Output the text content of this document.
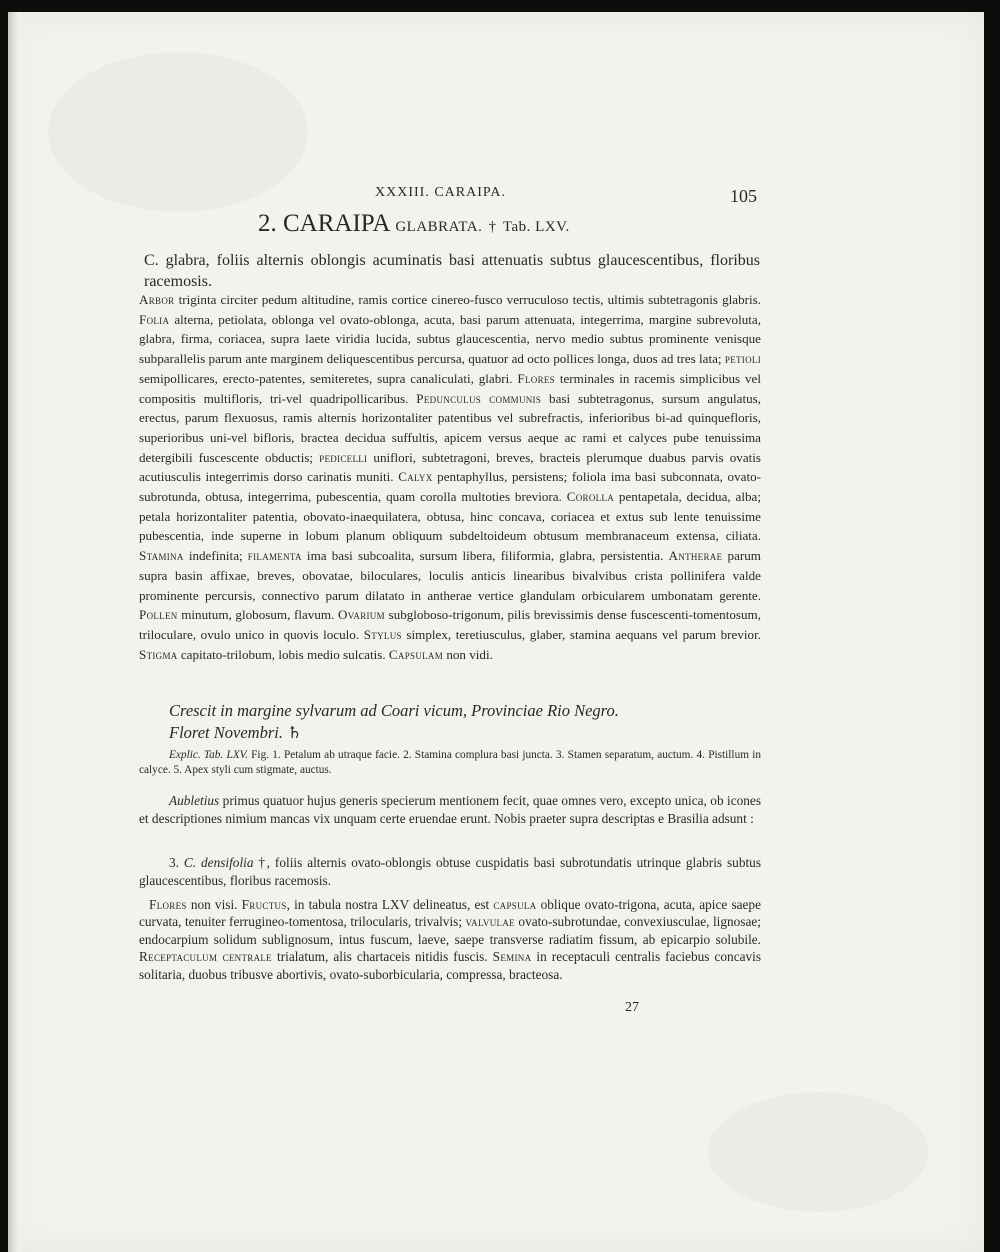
XXXIII. CARAIPA.	105
2. CARAIPA GLABRATA. † Tab. LXV.

C. glabra, foliis alternis oblongis acuminatis basi attenuatis subtus glaucescentibus, floribus racemosis.

Arbor triginta circiter pedum altitudine, ramis cortice cinereo-fusco verruculoso tectis, ultimis subtetragonis glabris. Folia alterna, petiolata, oblonga vel ovato-oblonga, acuta, basi parum attenuata, integerrima, margine subrevoluta, glabra, firma, coriacea, supra laete viridia lucida, subtus glaucescentia, nervo medio subtus prominente venisque subparallelis parum ante marginem deliquescentibus percursa, quatuor ad octo pollices longa, duos ad tres lata; petioli semipollicares, erecto-patentes, semiteretes, supra canaliculati, glabri. Flores terminales in racemis simplicibus vel compositis multifloris, tri-vel quadripollicaribus. Pedunculus communis basi subtetragonus, sursum angulatus, erectus, parum flexuosus, ramis alternis horizontaliter patentibus vel subrefractis, inferioribus bi-ad quinquefloris, superioribus uni-vel bifloris, bractea decidua suffultis, apicem versus aeque ac rami et calyces pube tenuissima detergibili fuscescente obductis; pedicelli uniflori, subtetragoni, breves, bracteis plerumque duabus parvis ovatis acutiusculis integerrimis dorso carinatis muniti. Calyx pentaphyllus, persistens; foliola ima basi subconnata, ovato-subrotunda, obtusa, integerrima, pubescentia, quam corolla multoties breviora. Corolla pentapetala, decidua, alba; petala horizontaliter patentia, obovato-inaequilatera, obtusa, hinc concava, coriacea et extus sub lente tenuissime pubescentia, inde superne in lobum planum obliquum subdeltoideum obtusum membranaceum extensa, ciliata. Stamina indefinita; filamenta ima basi subcoalita, sursum libera, filiformia, glabra, persistentia. Antherae parum supra basin affixae, breves, obovatae, biloculares, loculis anticis linearibus bivalvibus crista pollinifera valde prominente percursis, connectivo parum dilatato in antherae vertice glandulam orbicularem umbonatam gerente. Pollen minutum, globosum, flavum. Ovarium subgloboso-trigonum, pilis brevissimis dense fuscescenti-tomentosum, triloculare, ovulo unico in quovis loculo. Stylus simplex, teretiusculus, glaber, stamina aequans vel parum brevior. Stigma capitato-trilobum, lobis medio sulcatis. Capsulam non vidi.

Crescit in margine sylvarum ad Coari vicum, Provinciae Rio Negro.
Floret Novembri. ♄

Explic. Tab. LXV. Fig. 1. Petalum ab utraque facie. 2. Stamina complura basi juncta. 3. Stamen separatum, auctum. 4. Pistillum in calyce. 5. Apex styli cum stigmate, auctus.

Aubletius primus quatuor hujus generis specierum mentionem fecit, quae omnes vero, excepto unica, ob icones et descriptiones nimium mancas vix unquam certe eruendae erunt. Nobis praeter supra descriptas e Brasilia adsunt :

3. C. densifolia †, foliis alternis ovato-oblongis obtuse cuspidatis basi subrotundatis utrinque glabris subtus glaucescentibus, floribus racemosis.

Flores non visi. Fructus, in tabula nostra LXV delineatus, est capsula oblique ovato-trigona, acuta, apice saepe curvata, tenuiter ferrugineo-tomentosa, trilocularis, trivalvis; valvulae ovato-subrotundae, convexiusculae, lignosae; endocarpium solidum sublignosum, intus fuscum, laeve, saepe transverse radiatim fissum, ab epicarpio solubile. Receptaculum centrale trialatum, alis chartaceis nitidis fuscis. Semina in receptaculi centralis faciebus concavis solitaria, duobus tribusve abortivis, ovato-suborbicularia, compressa, bracteosa.

27
